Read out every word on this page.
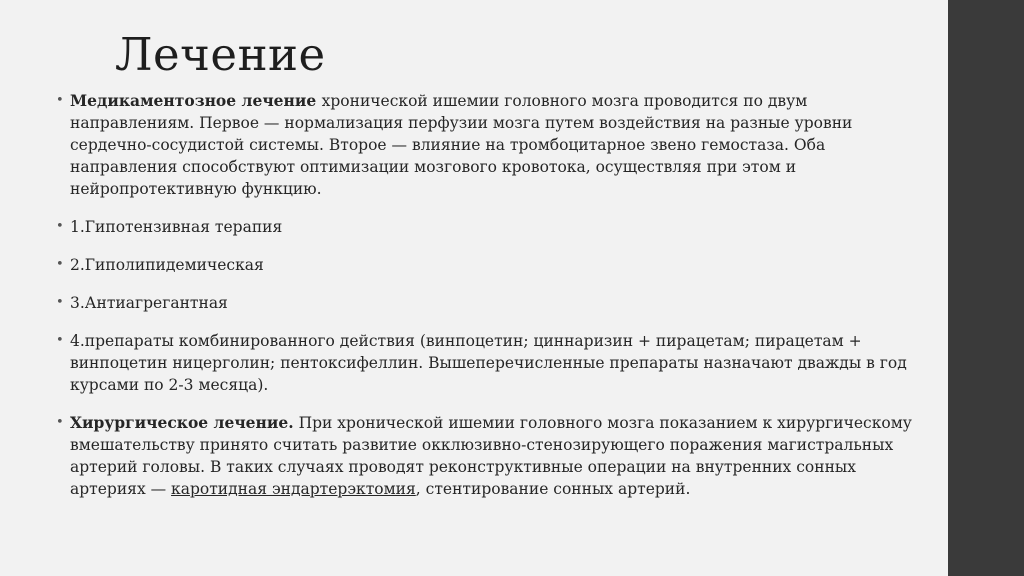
Лечение
• Медикаментозное лечение хронической ишемии головного мозга проводится по двум направлениям. Первое — нормализация перфузии мозга путем воздействия на разные уровни сердечно-сосудистой системы. Второе — влияние на тромбоцитарное звено гемостаза. Оба направления способствуют оптимизации мозгового кровотока, осуществляя при этом и нейропротективную функцию.
• 1.Гипотензивная терапия
• 2.Гиполипидемическая
• 3.Антиагрегантная
• 4.препараты комбинированного действия (винпоцетин; циннаризин + пирацетам; пирацетам + винпоцетин ницерголин; пентоксифеллин. Вышеперечисленные препараты назначают дважды в год курсами по 2-3 месяца).
• Хирургическое лечение. При хронической ишемии головного мозга показанием к хирургическому вмешательству принято считать развитие окклюзивно-стенозирующего поражения магистральных артерий головы. В таких случаях проводят реконструктивные операции на внутренних сонных артериях — каротидная эндартерэктомия, стентирование сонных артерий.
